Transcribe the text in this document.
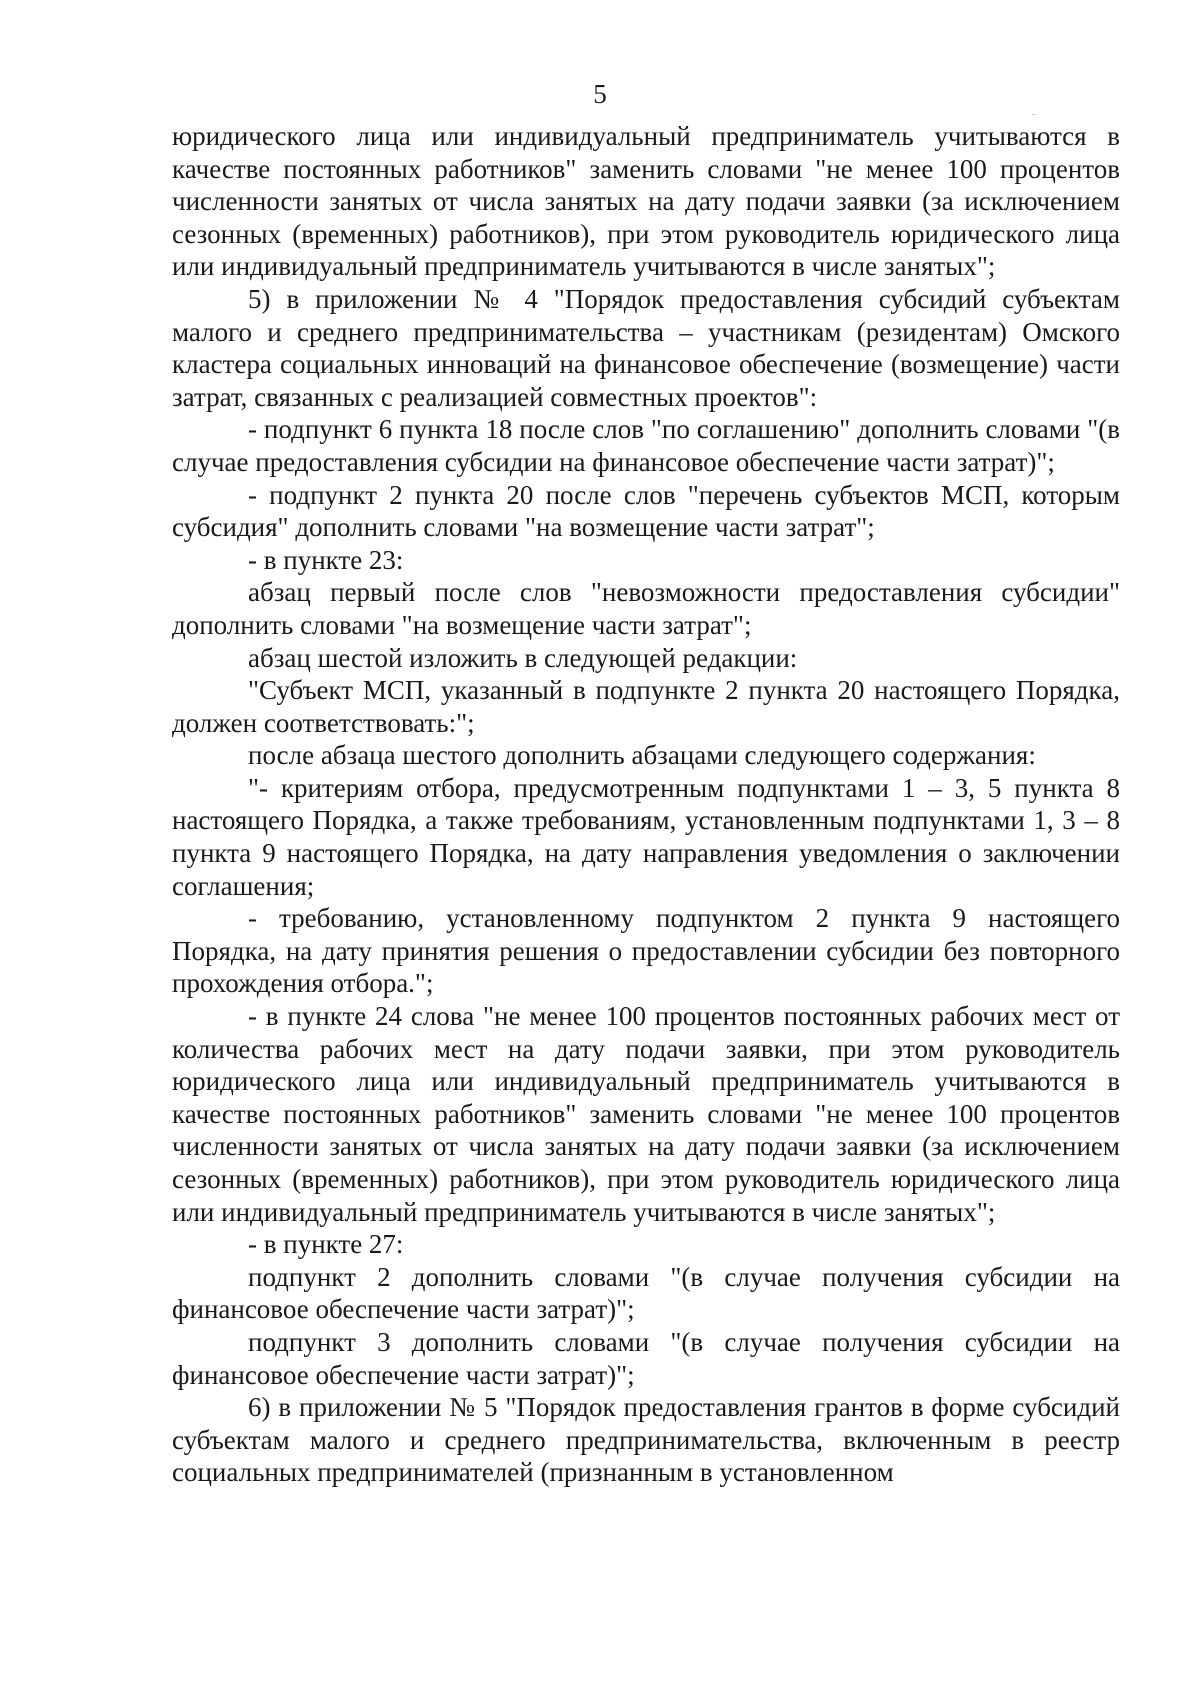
5

юридического лица или индивидуальный предприниматель учитываются в качестве постоянных работников" заменить словами "не менее 100 процентов численности занятых от числа занятых на дату подачи заявки (за исключением сезонных (временных) работников), при этом руководитель юридического лица или индивидуальный предприниматель учитываются в числе занятых";

5) в приложении № 4 "Порядок предоставления субсидий субъектам малого и среднего предпринимательства – участникам (резидентам) Омского кластера социальных инноваций на финансовое обеспечение (возмещение) части затрат, связанных с реализацией совместных проектов":

- подпункт 6 пункта 18 после слов "по соглашению" дополнить словами "(в случае предоставления субсидии на финансовое обеспечение части затрат)";

- подпункт 2 пункта 20 после слов "перечень субъектов МСП, которым субсидия" дополнить словами "на возмещение части затрат";

- в пункте 23:

абзац первый после слов "невозможности предоставления субсидии" дополнить словами "на возмещение части затрат";

абзац шестой изложить в следующей редакции:

"Субъект МСП, указанный в подпункте 2 пункта 20 настоящего Порядка, должен соответствовать:";

после абзаца шестого дополнить абзацами следующего содержания:

"- критериям отбора, предусмотренным подпунктами 1 – 3, 5 пункта 8 настоящего Порядка, а также требованиям, установленным подпунктами 1, 3 – 8 пункта 9 настоящего Порядка, на дату направления уведомления о заключении соглашения;

- требованию, установленному подпунктом 2 пункта 9 настоящего Порядка, на дату принятия решения о предоставлении субсидии без повторного прохождения отбора.";

- в пункте 24 слова "не менее 100 процентов постоянных рабочих мест от количества рабочих мест на дату подачи заявки, при этом руководитель юридического лица или индивидуальный предприниматель учитываются в качестве постоянных работников" заменить словами "не менее 100 процентов численности занятых от числа занятых на дату подачи заявки (за исключением сезонных (временных) работников), при этом руководитель юридического лица или индивидуальный предприниматель учитываются в числе занятых";

- в пункте 27:

подпункт 2 дополнить словами "(в случае получения субсидии на финансовое обеспечение части затрат)";

подпункт 3 дополнить словами "(в случае получения субсидии на финансовое обеспечение части затрат)";

6) в приложении № 5 "Порядок предоставления грантов в форме субсидий субъектам малого и среднего предпринимательства, включенным в реестр социальных предпринимателей (признанным в установленном
